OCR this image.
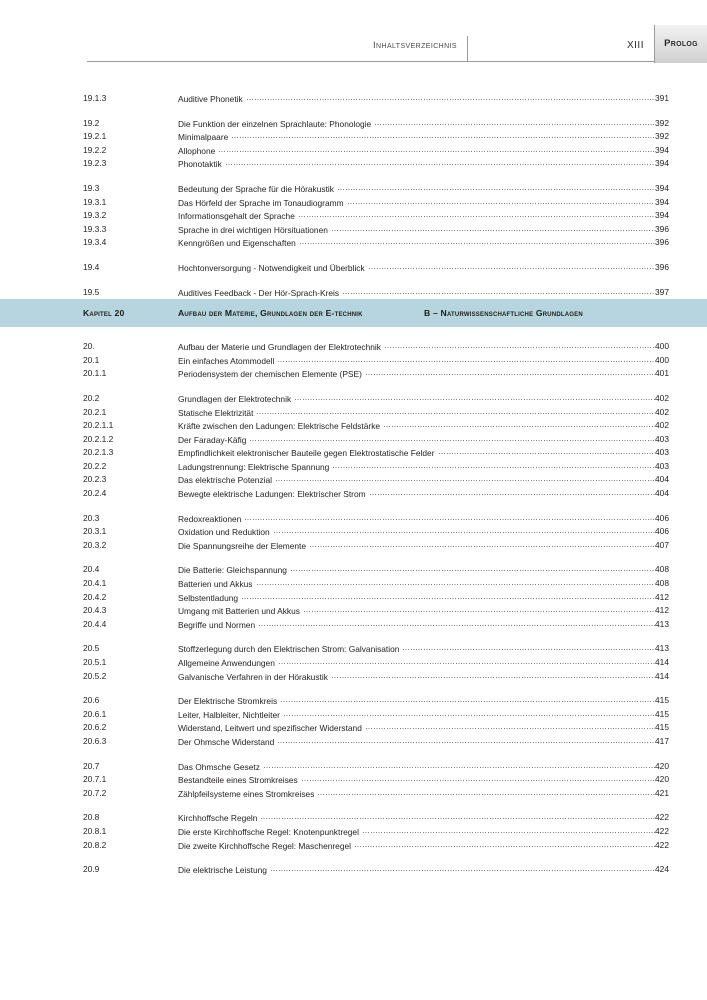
Inhaltsverzeichnis	XIII	Prolog
19.1.3	Auditive Phonetik	391
19.2	Die Funktion der einzelnen Sprachlaute: Phonologie	392
19.2.1	Minimalpaare	392
19.2.2	Allophone	394
19.2.3	Phonotaktik	394
19.3	Bedeutung der Sprache für die Hörakustik	394
19.3.1	Das Hörfeld der Sprache im Tonaudiogramm	394
19.3.2	Informationsgehalt der Sprache	394
19.3.3	Sprache in drei wichtigen Hörsituationen	396
19.3.4	Kenngrößen und Eigenschaften	396
19.4	Hochtonversorgung - Notwendigkeit und Überblick	396
19.5	Auditives Feedback - Der Hör-Sprach-Kreis	397
Kapitel 20	Aufbau der Materie, Grundlagen der E-technik	B – Naturwissenschaftliche Grundlagen
20.	Aufbau der Materie und Grundlagen der Elektrotechnik	400
20.1	Ein einfaches Atommodell	400
20.1.1	Periodensystem der chemischen Elemente (PSE)	401
20.2	Grundlagen der Elektrotechnik	402
20.2.1	Statische Elektrizität	402
20.2.1.1	Kräfte zwischen den Ladungen: Elektrische Feldstärke	402
20.2.1.2	Der Faraday-Käfig	403
20.2.1.3	Empfindlichkeit elektronischer Bauteile gegen Elektrostatische Felder	403
20.2.2	Ladungstrennung: Elektrische Spannung	403
20.2.3	Das elektrische Potenzial	404
20.2.4	Bewegte elektrische Ladungen: Elektrischer Strom	404
20.3	Redoxreaktionen	406
20.3.1	Oxidation und Reduktion	406
20.3.2	Die Spannungsreihe der Elemente	407
20.4	Die Batterie: Gleichspannung	408
20.4.1	Batterien und Akkus	408
20.4.2	Selbstentladung	412
20.4.3	Umgang mit Batterien und Akkus	412
20.4.4	Begriffe und Normen	413
20.5	Stoffzerlegung durch den Elektrischen Strom: Galvanisation	413
20.5.1	Allgemeine Anwendungen	414
20.5.2	Galvanische Verfahren in der Hörakustik	414
20.6	Der Elektrische Stromkreis	415
20.6.1	Leiter, Halbleiter, Nichtleiter	415
20.6.2	Widerstand, Leitwert und spezifischer Widerstand	415
20.6.3	Der Ohmsche Widerstand	417
20.7	Das Ohmsche Gesetz	420
20.7.1	Bestandteile eines Stromkreises	420
20.7.2	Zählpfeilsysteme eines Stromkreises	421
20.8	Kirchhoffsche Regeln	422
20.8.1	Die erste Kirchhoffsche Regel: Knotenpunktregel	422
20.8.2	Die zweite Kirchhoffsche Regel: Maschenregel	422
20.9	Die elektrische Leistung	424
